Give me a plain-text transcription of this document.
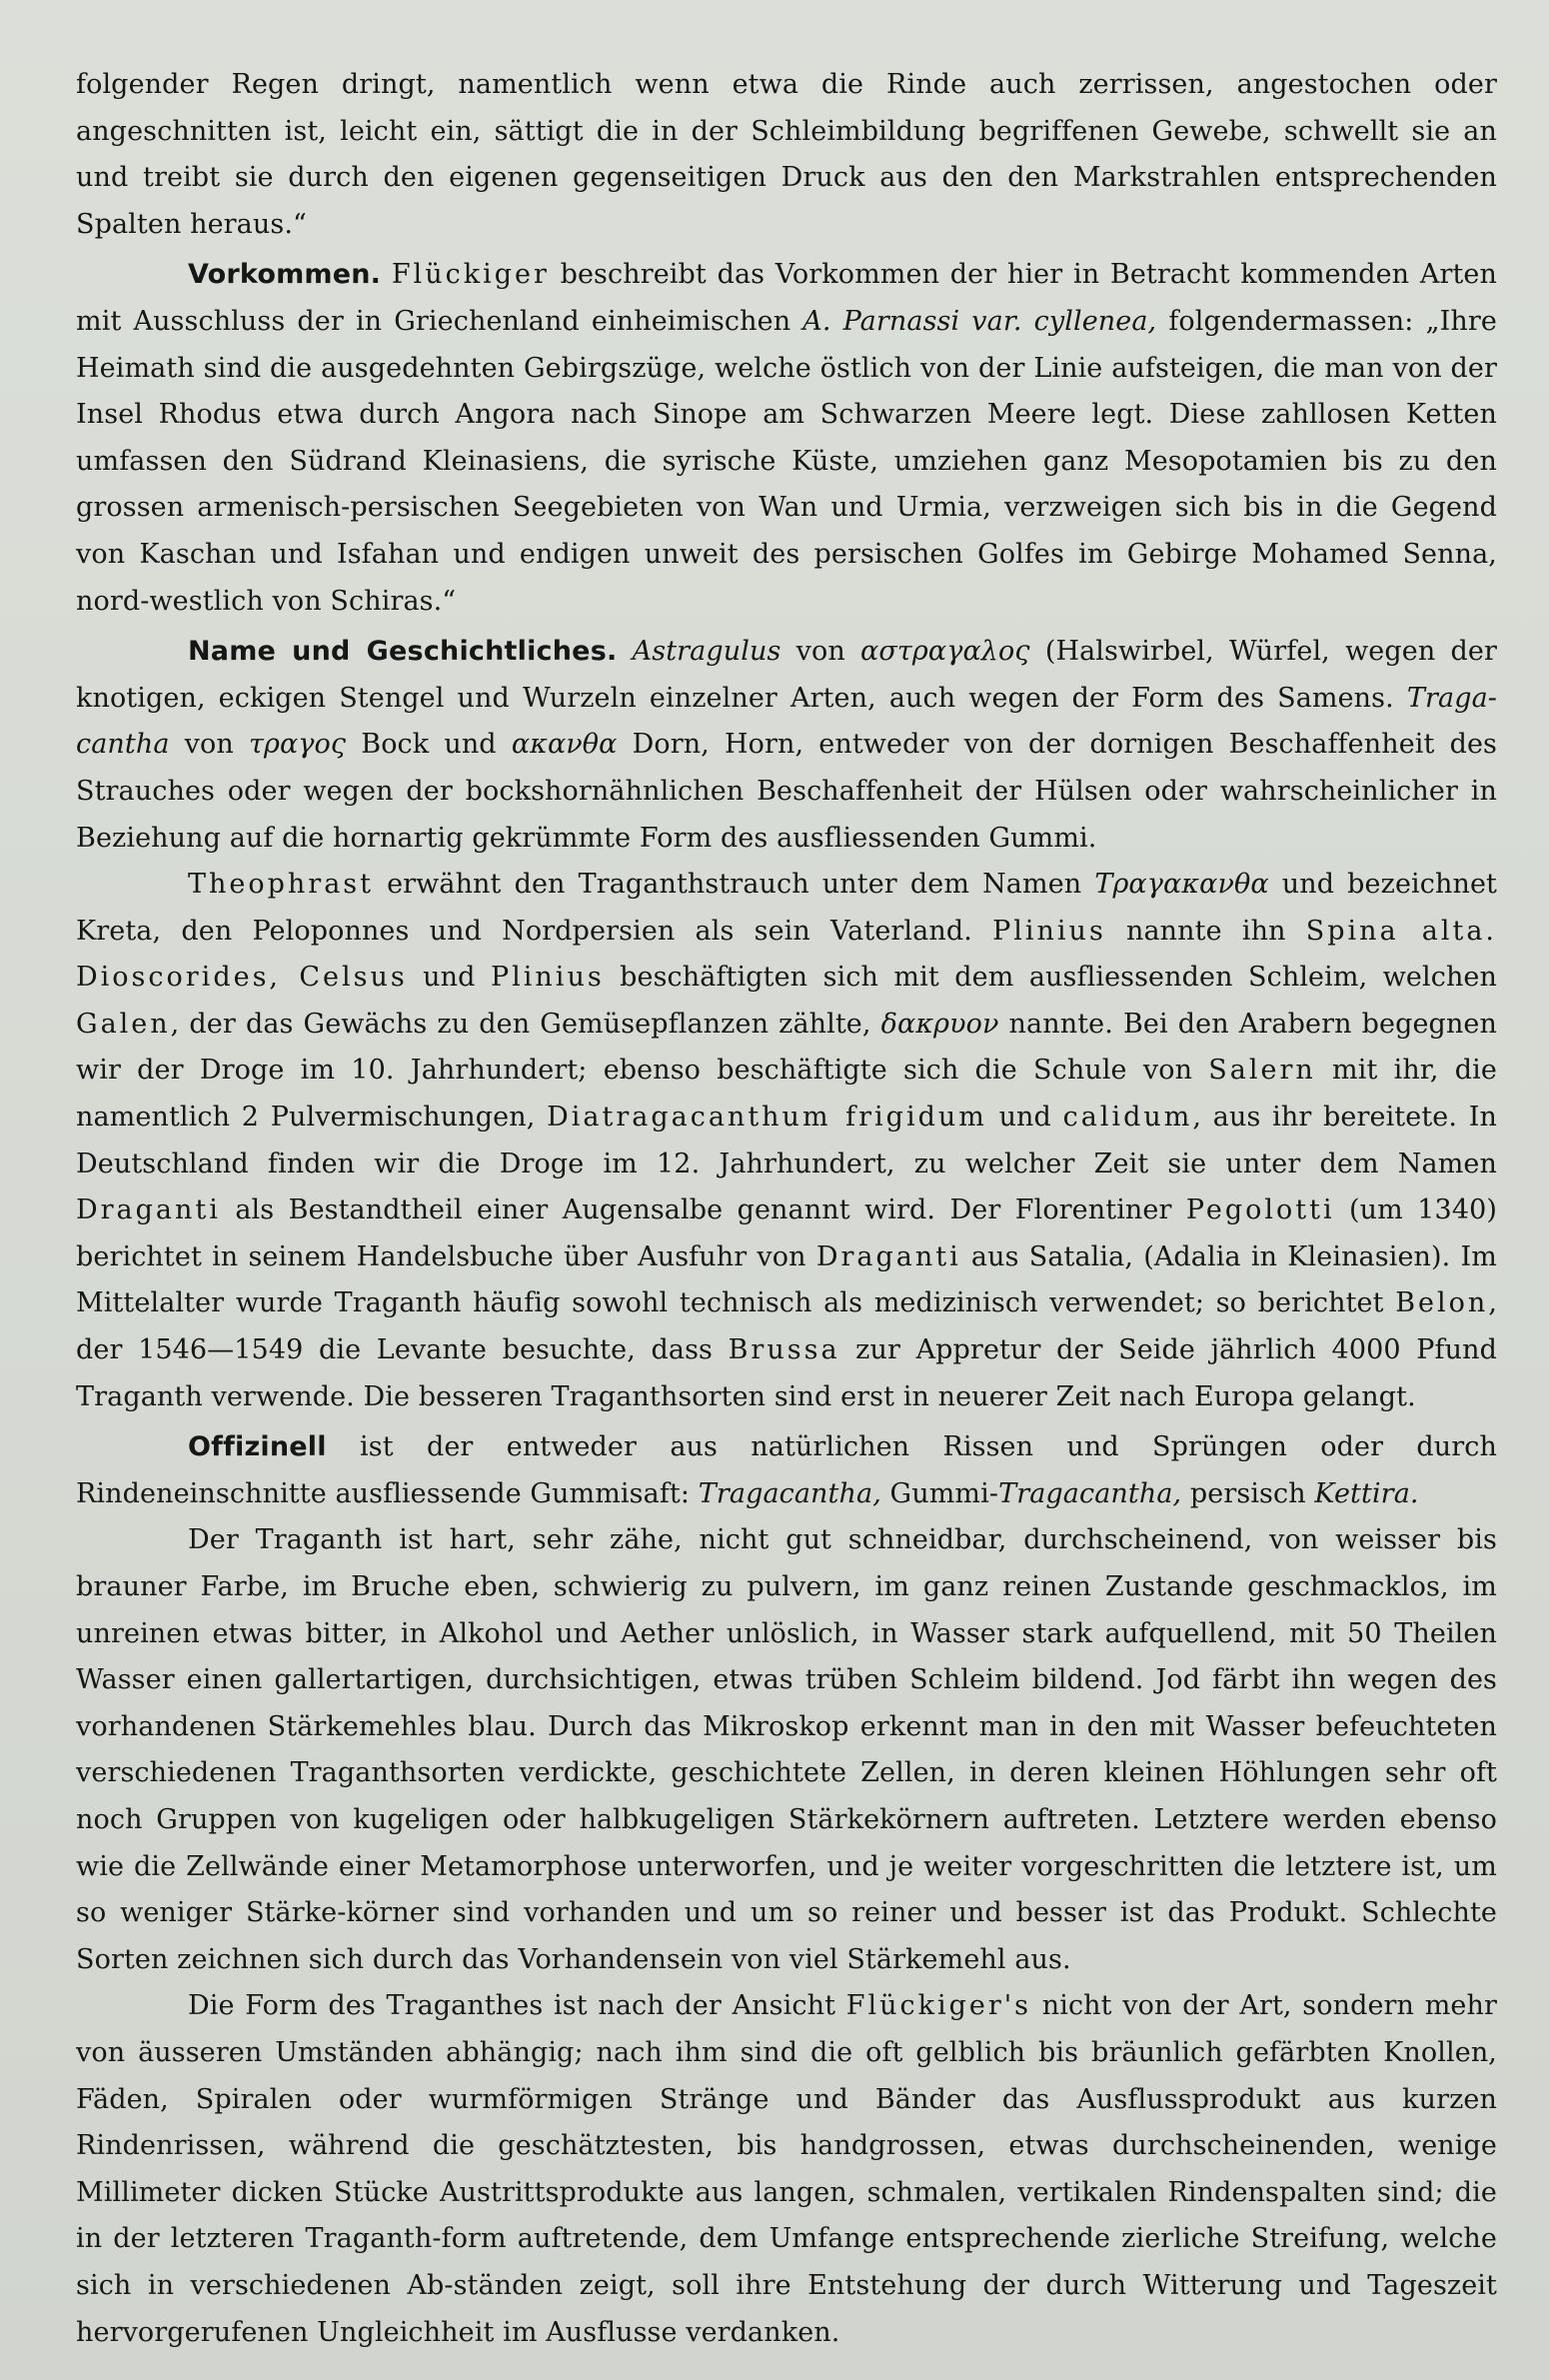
folgender Regen dringt, namentlich wenn etwa die Rinde auch zerrissen, angestochen oder angeschnitten ist, leicht ein, sättigt die in der Schleimbildung begriffenen Gewebe, schwellt sie an und treibt sie durch den eigenen gegenseitigen Druck aus den den Markstrahlen entsprechenden Spalten heraus.“

Vorkommen. Flückiger beschreibt das Vorkommen der hier in Betracht kommenden Arten mit Ausschluss der in Griechenland einheimischen A. Parnassi var. cyllenea, folgendermassen: „Ihre Heimath sind die ausgedehnten Gebirgszüge, welche östlich von der Linie aufsteigen, die man von der Insel Rhodus etwa durch Angora nach Sinope am Schwarzen Meere legt. Diese zahllosen Ketten umfassen den Südrand Kleinasiens, die syrische Küste, umziehen ganz Mesopotamien bis zu den grossen armenisch-persischen Seegebieten von Wan und Urmia, verzweigen sich bis in die Gegend von Kaschan und Isfahan und endigen unweit des persischen Golfes im Gebirge Mohamed Senna, nord-westlich von Schiras.“

Name und Geschichtliches. Astragulus von αστραγαλος (Halswirbel, Würfel, wegen der knotigen, eckigen Stengel und Wurzeln einzelner Arten, auch wegen der Form des Samens. Traga-cantha von τραγος Bock und ακανθα Dorn, Horn, entweder von der dornigen Beschaffenheit des Strauches oder wegen der bockshornähnlichen Beschaffenheit der Hülsen oder wahrscheinlicher in Beziehung auf die hornartig gekrümmte Form des ausfliessenden Gummi.

Theophrast erwähnt den Traganthstrauch unter dem Namen Τραγακανθα und bezeichnet Kreta, den Peloponnes und Nordpersien als sein Vaterland. Plinius nannte ihn Spina alta. Dioscorides, Celsus und Plinius beschäftigten sich mit dem ausfliessenden Schleim, welchen Galen, der das Gewächs zu den Gemüsepflanzen zählte, δακρυον nannte. Bei den Arabern begegnen wir der Droge im 10. Jahrhundert; ebenso beschäftigte sich die Schule von Salern mit ihr, die namentlich 2 Pulvermischungen, Diatragacanthum frigidum und calidum, aus ihr bereitete. In Deutschland finden wir die Droge im 12. Jahrhundert, zu welcher Zeit sie unter dem Namen Draganti als Bestandtheil einer Augensalbe genannt wird. Der Florentiner Pegolotti (um 1340) berichtet in seinem Handelsbuche über Ausfuhr von Draganti aus Satalia, (Adalia in Kleinasien). Im Mittelalter wurde Traganth häufig sowohl technisch als medizinisch verwendet; so berichtet Belon, der 1546—1549 die Levante besuchte, dass Brussa zur Appretur der Seide jährlich 4000 Pfund Traganth verwende. Die besseren Traganthsorten sind erst in neuerer Zeit nach Europa gelangt.

Offizinell ist der entweder aus natürlichen Rissen und Sprüngen oder durch Rindeneinschnitte ausfliessende Gummisaft: Tragacantha, Gummi-Tragacantha, persisch Kettira.

Der Traganth ist hart, sehr zähe, nicht gut schneidbar, durchscheinend, von weisser bis brauner Farbe, im Bruche eben, schwierig zu pulvern, im ganz reinen Zustande geschmacklos, im unreinen etwas bitter, in Alkohol und Aether unlöslich, in Wasser stark aufquellend, mit 50 Theilen Wasser einen gallertartigen, durchsichtigen, etwas trüben Schleim bildend. Jod färbt ihn wegen des vorhandenen Stärkemehles blau. Durch das Mikroskop erkennt man in den mit Wasser befeuchteten verschiedenen Traganthsorten verdickte, geschichtete Zellen, in deren kleinen Höhlungen sehr oft noch Gruppen von kugeligen oder halbkugeligen Stärkekörnern auftreten. Letztere werden ebenso wie die Zellwände einer Metamorphose unterworfen, und je weiter vorgeschritten die letztere ist, um so weniger Stärke-körner sind vorhanden und um so reiner und besser ist das Produkt. Schlechte Sorten zeichnen sich durch das Vorhandensein von viel Stärkemehl aus.

Die Form des Traganthes ist nach der Ansicht Flückiger's nicht von der Art, sondern mehr von äusseren Umständen abhängig; nach ihm sind die oft gelblich bis bräunlich gefärbten Knollen, Fäden, Spiralen oder wurmförmigen Stränge und Bänder das Ausflussprodukt aus kurzen Rindenrissen, während die geschätztesten, bis handgrossen, etwas durchscheinenden, wenige Millimeter dicken Stücke Austrittsprodukte aus langen, schmalen, vertikalen Rindenspalten sind; die in der letzteren Traganth-form auftretende, dem Umfange entsprechende zierliche Streifung, welche sich in verschiedenen Ab-ständen zeigt, soll ihre Entstehung der durch Witterung und Tageszeit hervorgerufenen Ungleichheit im Ausflusse verdanken.
